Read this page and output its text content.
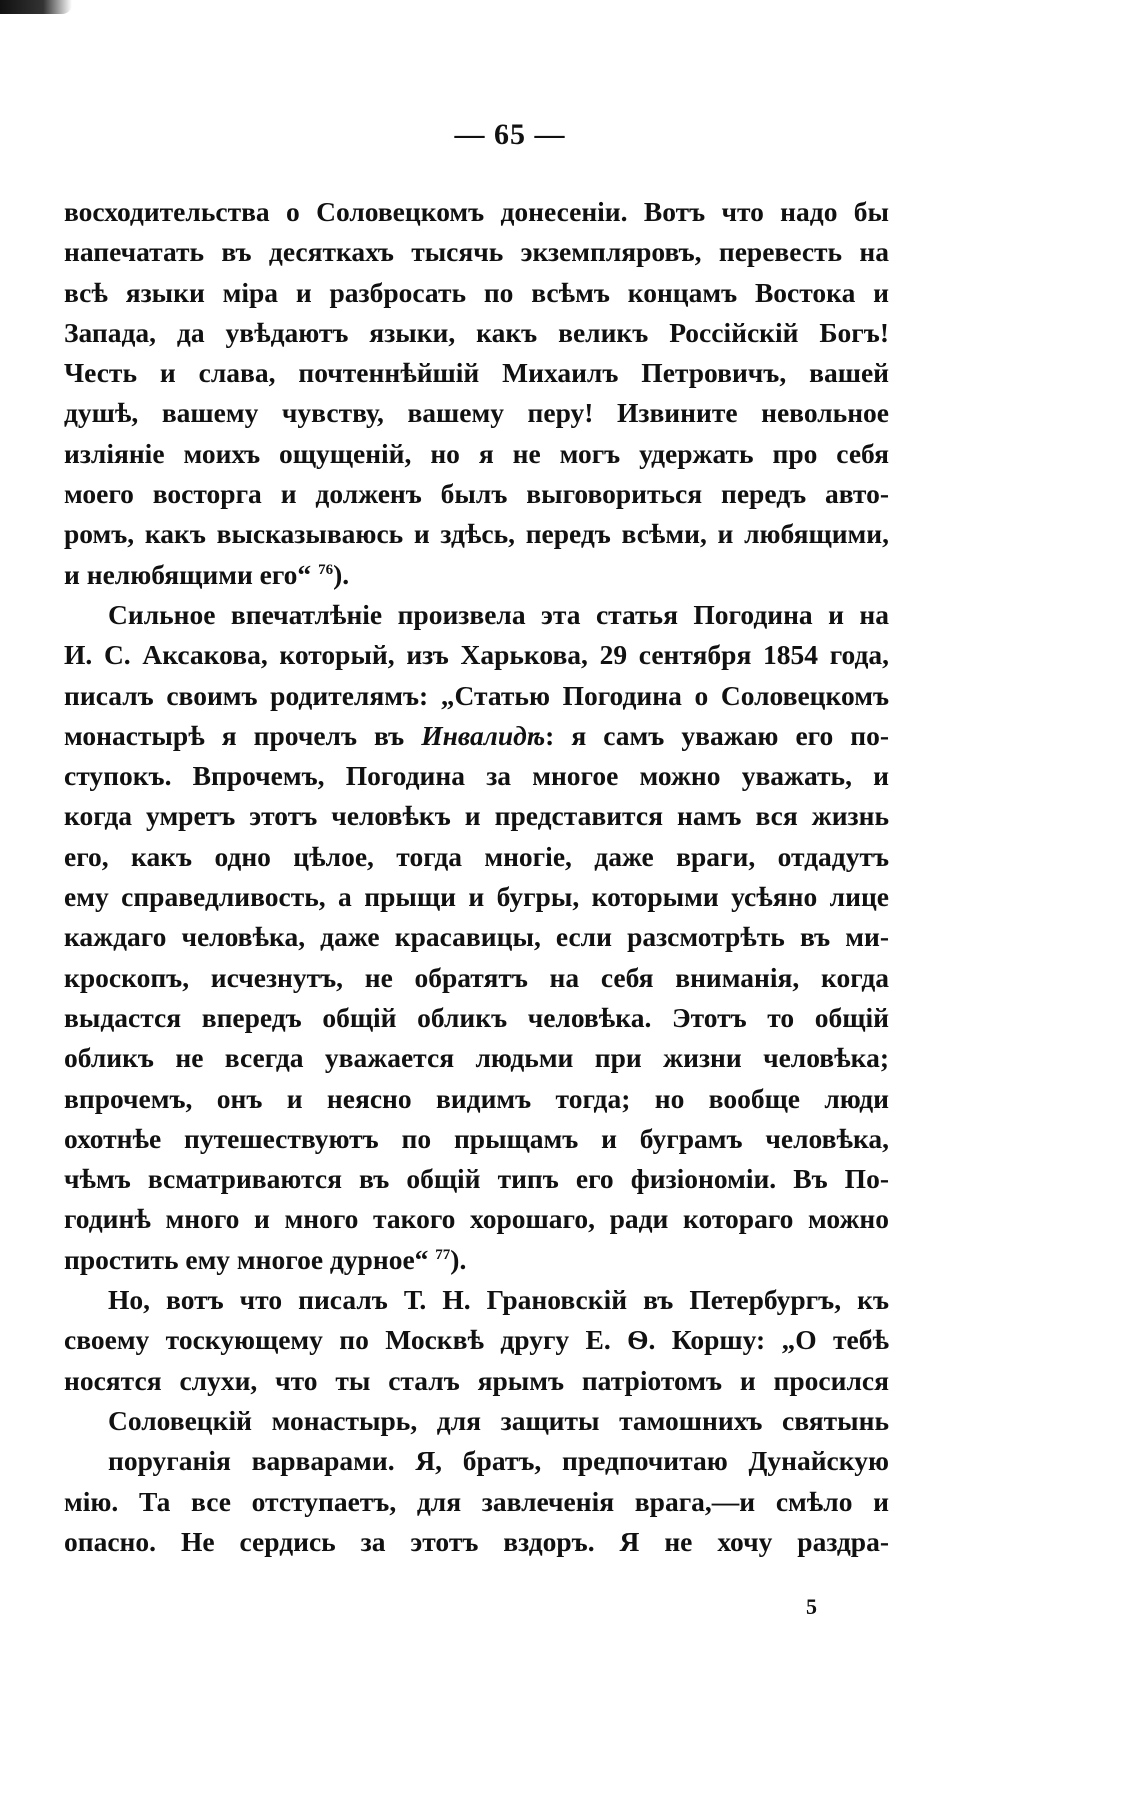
— 65 —
восходительства о Соловецкомъ донесеніи. Вотъ что надо бы
напечатать въ десяткахъ тысячь экземпляровъ, перевесть на
всѣ языки міра и разбросать по всѣмъ концамъ Востока и
Запада, да увѣдаютъ языки, какъ великъ Россійскій Богъ!
Честь и слава, почтеннѣйшій Михаилъ Петровичъ, вашей
душѣ, вашему чувству, вашему перу! Извините невольное
изліяніе моихъ ощущеній, но я не могъ удержать про себя
моего восторга и долженъ былъ выговориться передъ авто-
ромъ, какъ высказываюсь и здѣсь, передъ всѣми, и любящими,
и нелюбящими его“ $^{76}$).
Сильное впечатлѣніе произвела эта статья Погодина и на
И. С. Аксакова, который, изъ Харькова, 29 сентября 1854 года,
писалъ своимъ родителямъ: „Статью Погодина о Соловецкомъ
монастырѣ я прочелъ въ Инвалидѣ: я самъ уважаю его по-
ступокъ. Впрочемъ, Погодина за многое можно уважать, и
когда умретъ этотъ человѣкъ и представится намъ вся жизнь
его, какъ одно цѣлое, тогда многіе, даже враги, отдадутъ
ему справедливость, а прыщи и бугры, которыми усѣяно лице
каждаго человѣка, даже красавицы, если разсмотрѣть въ ми-
кроскопъ, исчезнутъ, не обратятъ на себя вниманія, когда
выдастся впередъ общій обликъ человѣка. Этотъ то общій
обликъ не всегда уважается людьми при жизни человѣка;
впрочемъ, онъ и неясно видимъ тогда; но вообще люди
охотнѣе путешествуютъ по прыщамъ и буграмъ человѣка,
чѣмъ всматриваются въ общій типъ его физіономіи. Въ По-
годинѣ много и много такого хорошаго, ради котораго можно
простить ему многое дурное“ $^{77}$).
Но, вотъ что писалъ Т. Н. Грановскій въ Петербургъ, къ
своему тоскующему по Москвѣ другу Е. Ѳ. Коршу: „О тебѣ
носятся слухи, что ты сталъ ярымъ патріотомъ и просился
Соловецкій монастырь, для защиты тамошнихъ святынь
поруганія варварами. Я, братъ, предпочитаю Дунайскую
мію. Та все отступаетъ, для завлеченія врага,—и смѣло и
опасно. Не сердись за этотъ вздоръ. Я не хочу раздра-
5
